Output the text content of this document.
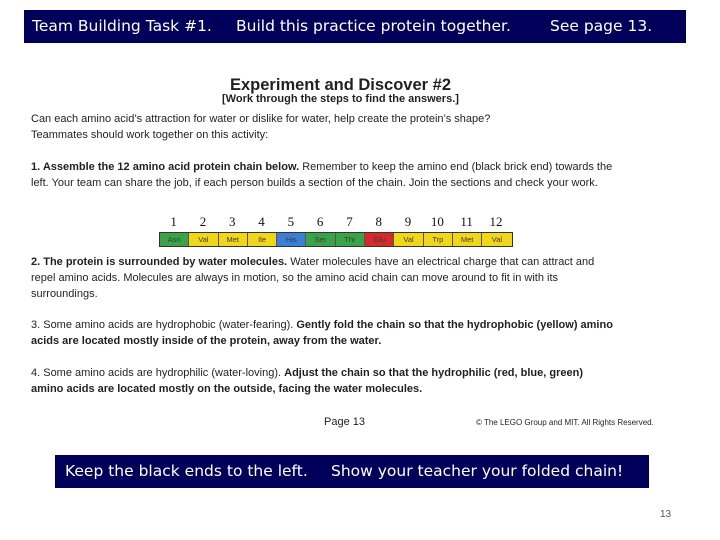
Team Building Task #1. Build this practice protein together.	See page 13.
Experiment and Discover #2
[Work through the steps to find the answers.]
Can each amino acid’s attraction for water or dislike for water, help create the protein’s shape?
Teammates should work together on this activity:
1. Assemble the 12 amino acid protein chain below. Remember to keep the amino end (black brick end) towards the
left. Your team can share the job, if each person builds a section of the chain. Join the sections and check your work.
1	2	3	4	5	6	7	8	9	10	11	12
Asn	Val	Met	Ile	His	Ser	Thr	Glu	Val	Trp	Met	Val
2. The protein is surrounded by water molecules. Water molecules have an electrical charge that can attract and
repel amino acids. Molecules are always in motion, so the amino acid chain can move around to fit in with its
surroundings.
3. Some amino acids are hydrophobic (water-fearing). Gently fold the chain so that the hydrophobic (yellow) amino
acids are located mostly inside of the protein, away from the water.
4. Some amino acids are hydrophilic (water-loving). Adjust the chain so that the hydrophilic (red, blue, green)
amino acids are located mostly on the outside, facing the water molecules.
Page 13	© The LEGO Group and MIT. All Rights Reserved.
Keep the black ends to the left. Show your teacher your folded chain!
13
